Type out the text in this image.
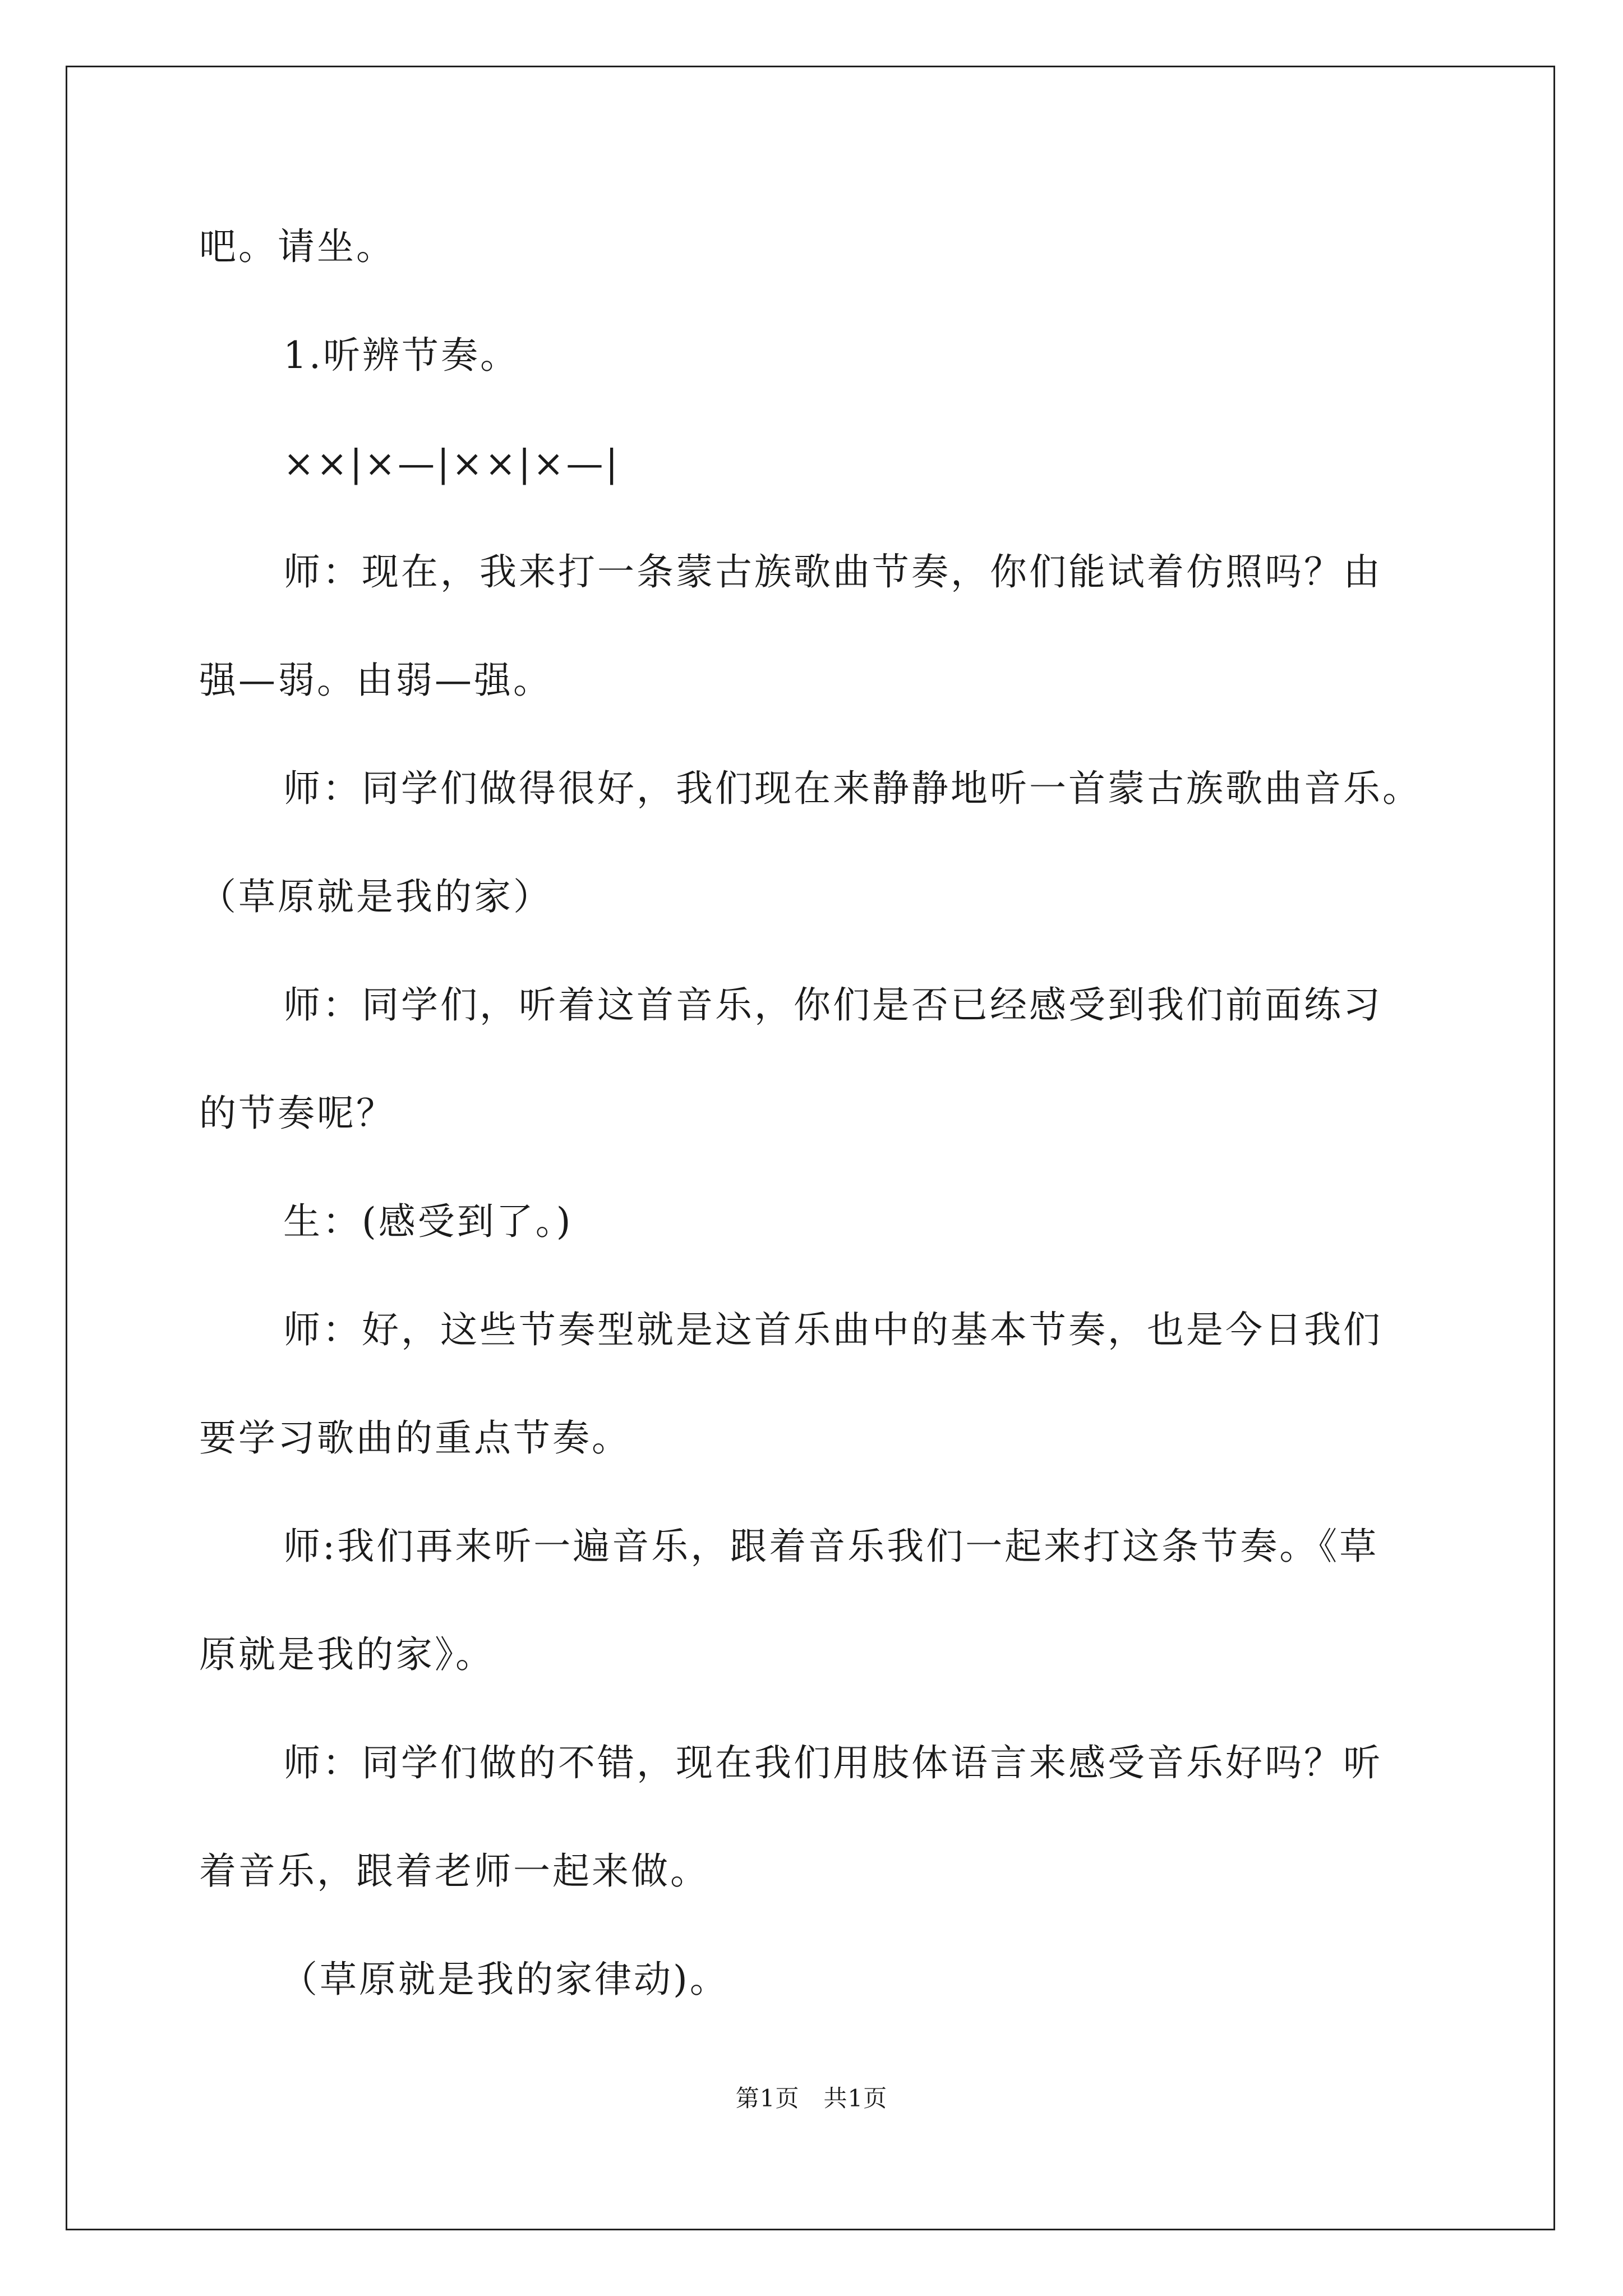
吧。请坐。
1.听辨节奏。
××|×—|××|×—|
师：现在，我来打一条蒙古族歌曲节奏，你们能试着仿照吗？由
强—弱。由弱—强。
师：同学们做得很好，我们现在来静静地听一首蒙古族歌曲音乐。
（草原就是我的家）
师：同学们，听着这首音乐，你们是否已经感受到我们前面练习
的节奏呢？
生：(感受到了。)
师：好，这些节奏型就是这首乐曲中的基本节奏，也是今日我们
要学习歌曲的重点节奏。
师:我们再来听一遍音乐，跟着音乐我们一起来打这条节奏。《草
原就是我的家》。
师：同学们做的不错，现在我们用肢体语言来感受音乐好吗？听
着音乐，跟着老师一起来做。
（草原就是我的家律动)。
第1页　共1页
